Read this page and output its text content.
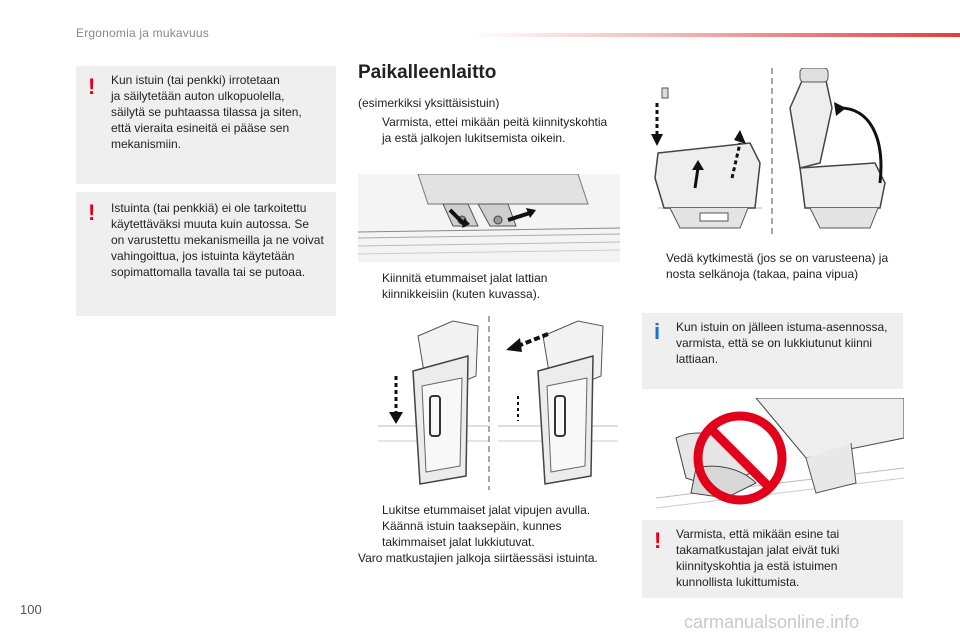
Ergonomia ja mukavuus
! Kun istuin (tai penkki) irrotetaan
ja säilytetään auton ulkopuolella,
säilytä se puhtaassa tilassa ja siten,
että vieraita esineitä ei pääse sen
mekanismiin.
! Istuinta (tai penkkiä) ei ole tarkoitettu
käytettäväksi muuta kuin autossa. Se
on varustettu mekanismeilla ja ne voivat
vahingoittua, jos istuinta käytetään
sopimattomalla tavalla tai se putoaa.
Paikalleenlaitto
(esimerkiksi yksittäisistuin)
Varmista, ettei mikään peitä kiinnityskohtia
ja estä jalkojen lukitsemista oikein.
Kiinnitä etummaiset jalat lattian
kiinnikkeisiin (kuten kuvassa).
Lukitse etummaiset jalat vipujen avulla.
Käännä istuin taaksepäin, kunnes
takimmaiset jalat lukkiutuvat.
Varo matkustajien jalkoja siirtäessäsi istuinta.
Vedä kytkimestä (jos se on varusteena) ja
nosta selkänoja (takaa, paina vipua)
i Kun istuin on jälleen istuma-asennossa,
varmista, että se on lukkiutunut kiinni
lattiaan.
! Varmista, että mikään esine tai
takamatkustajan jalat eivät tuki
kiinnityskohtia ja estä istuimen
kunnollista lukittumista.
100
carmanualsonline.info
